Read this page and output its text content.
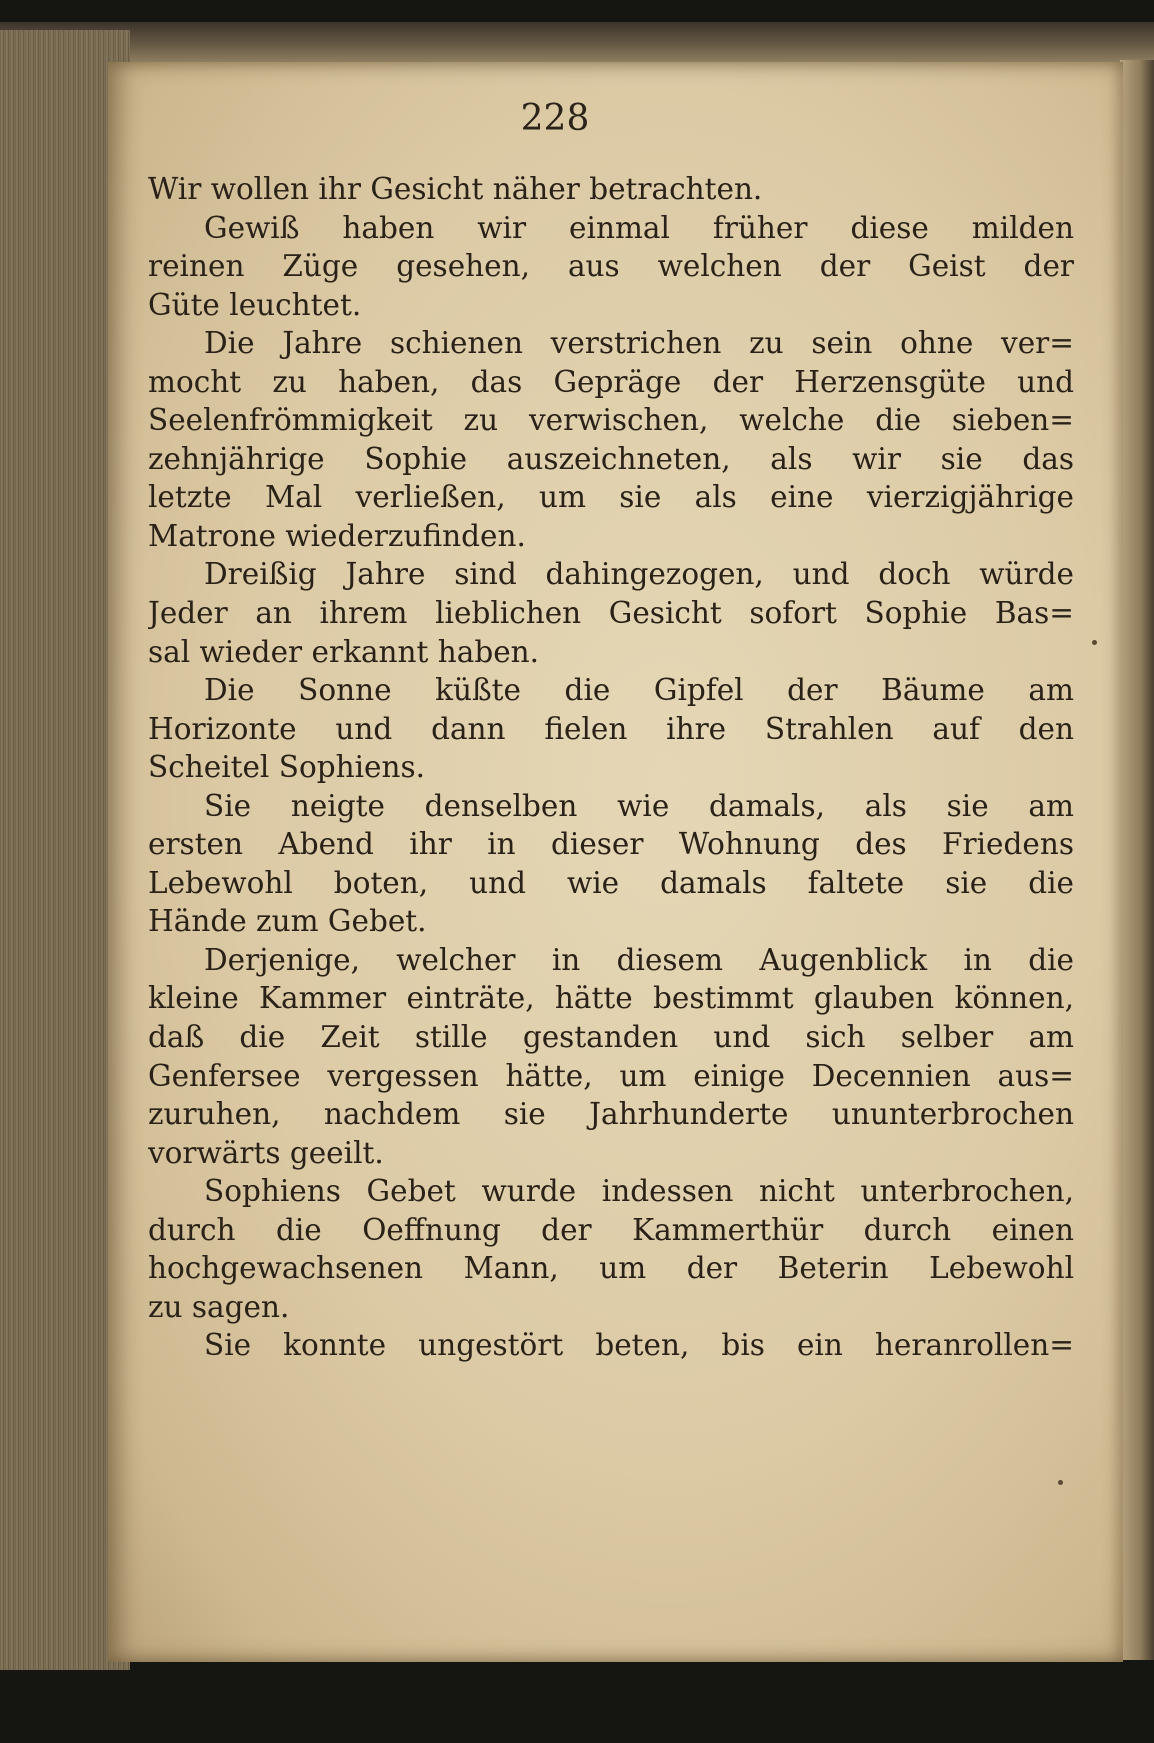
228
Wir wollen ihr Gesicht näher betrachten.
Gewiß haben wir einmal früher diese milden
reinen Züge gesehen, aus welchen der Geist der
Güte leuchtet.
Die Jahre schienen verstrichen zu sein ohne ver=
mocht zu haben, das Gepräge der Herzensgüte und
Seelenfrömmigkeit zu verwischen, welche die sieben=
zehnjährige Sophie auszeichneten, als wir sie das
letzte Mal verließen, um sie als eine vierzigjährige
Matrone wiederzufinden.
Dreißig Jahre sind dahingezogen, und doch würde
Jeder an ihrem lieblichen Gesicht sofort Sophie Bas=
sal wieder erkannt haben.
Die Sonne küßte die Gipfel der Bäume am
Horizonte und dann fielen ihre Strahlen auf den
Scheitel Sophiens.
Sie neigte denselben wie damals, als sie am
ersten Abend ihr in dieser Wohnung des Friedens
Lebewohl boten, und wie damals faltete sie die
Hände zum Gebet.
Derjenige, welcher in diesem Augenblick in die
kleine Kammer einträte, hätte bestimmt glauben können,
daß die Zeit stille gestanden und sich selber am
Genfersee vergessen hätte, um einige Decennien aus=
zuruhen, nachdem sie Jahrhunderte ununterbrochen
vorwärts geeilt.
Sophiens Gebet wurde indessen nicht unterbrochen,
durch die Oeffnung der Kammerthür durch einen
hochgewachsenen Mann, um der Beterin Lebewohl
zu sagen.
Sie konnte ungestört beten, bis ein heranrollen=
